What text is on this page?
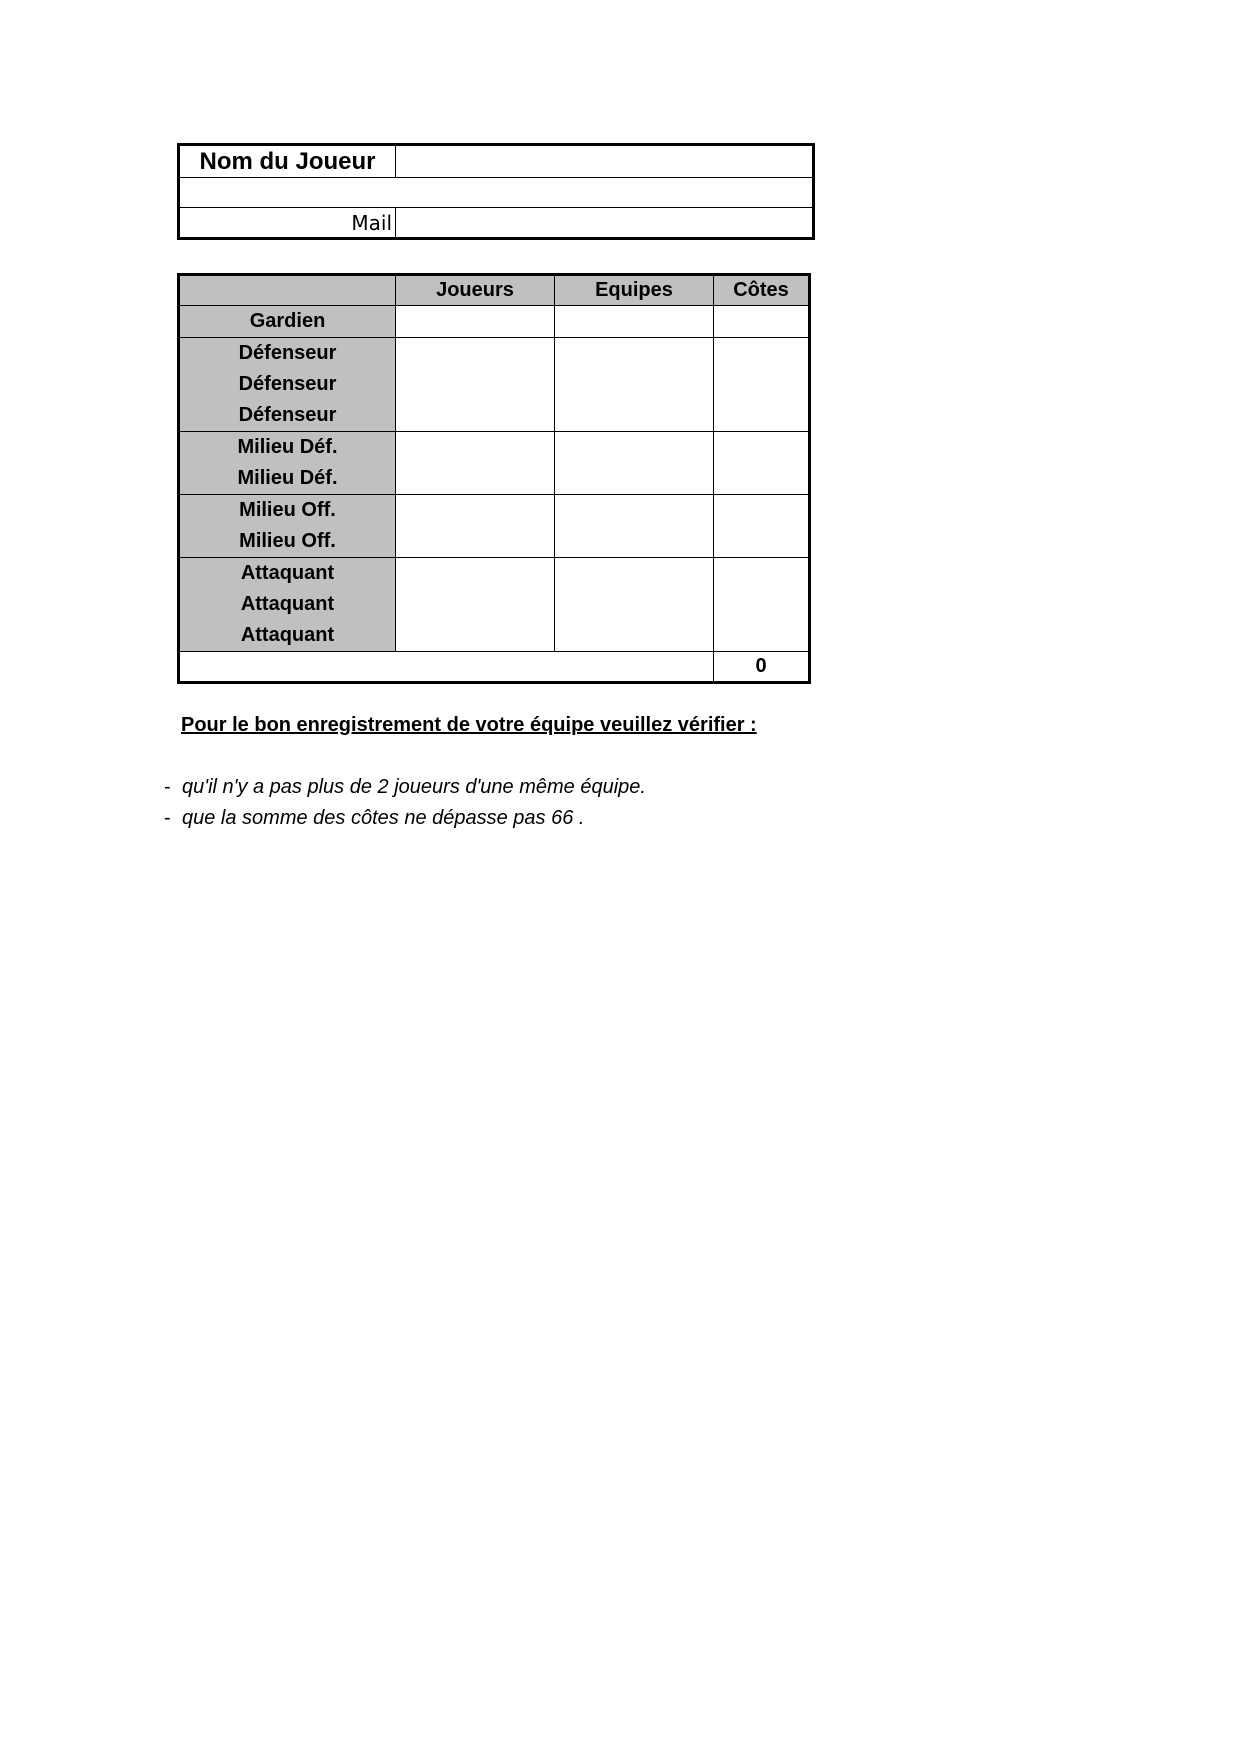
Nom du Joueur	

Mail	
	Joueurs	Equipes	Côtes

Gardien			

Défenseur
Défenseur
Défenseur			

Milieu Déf.
Milieu Déf.			

Milieu Off.
Milieu Off.			

Attaquant
Attaquant
Attaquant			

			0
Pour le bon enregistrement de votre équipe veuillez vérifier :
- qu'il n'y a pas plus de 2 joueurs d'une même équipe.
- que la somme des côtes ne dépasse pas 66 .
